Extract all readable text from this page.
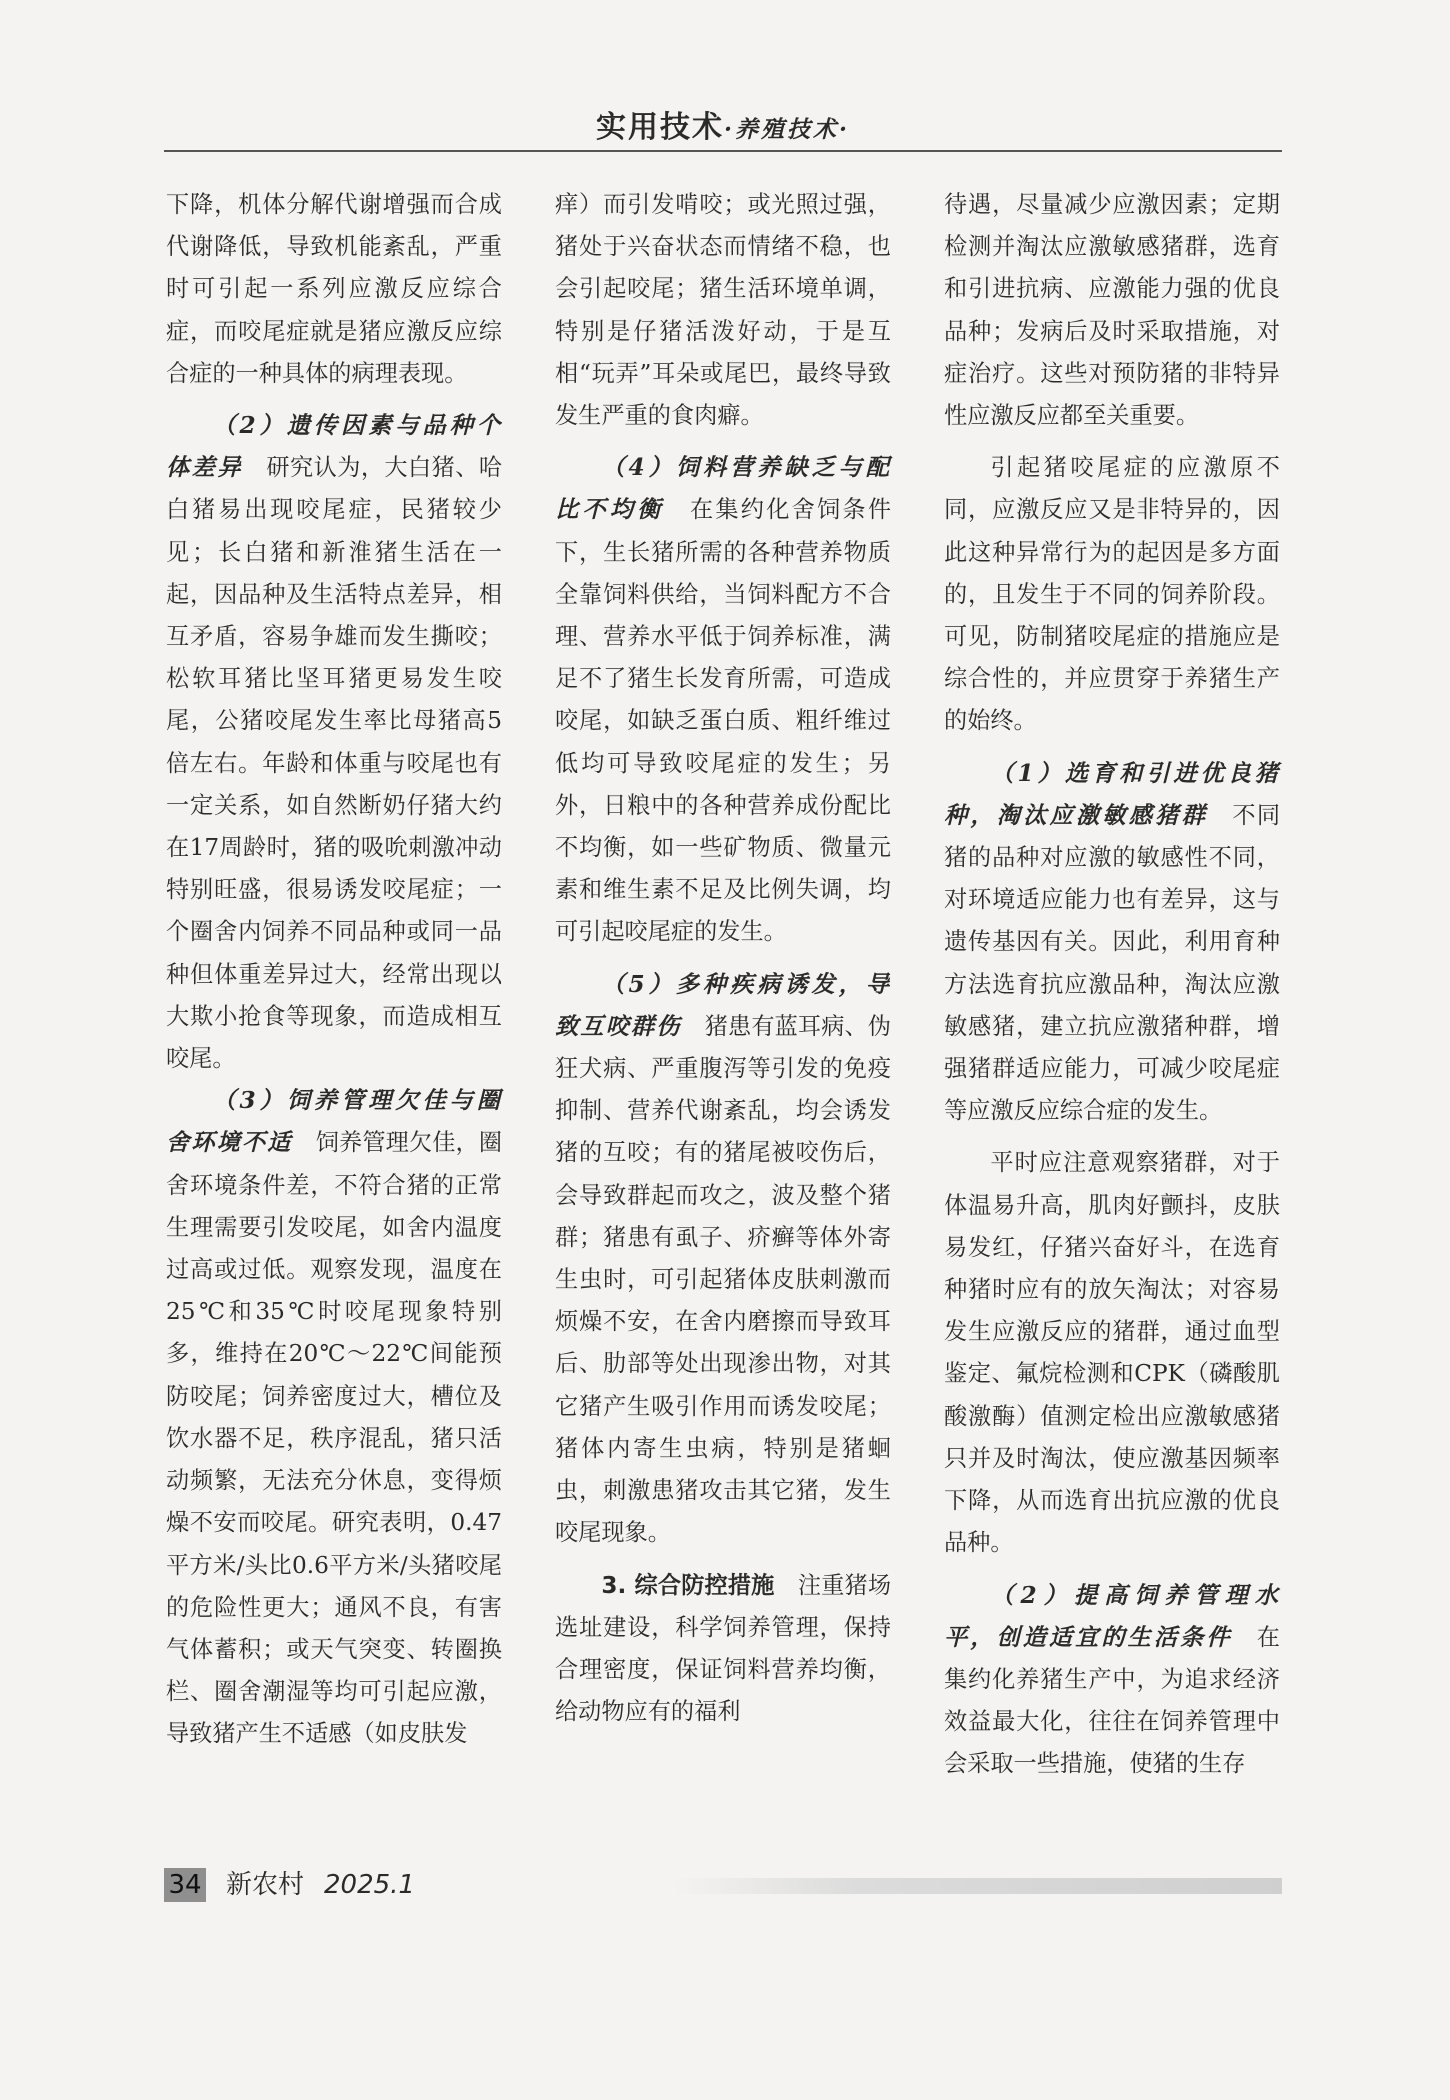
实用技术·养殖技术·

下降，机体分解代谢增强而合成代谢降低，导致机能紊乱，严重时可引起一系列应激反应综合症，而咬尾症就是猪应激反应综合症的一种具体的病理表现。

（2）遗传因素与品种个体差异　研究认为，大白猪、哈白猪易出现咬尾症，民猪较少见；长白猪和新淮猪生活在一起，因品种及生活特点差异，相互矛盾，容易争雄而发生撕咬；松软耳猪比坚耳猪更易发生咬尾，公猪咬尾发生率比母猪高5倍左右。年龄和体重与咬尾也有一定关系，如自然断奶仔猪大约在17周龄时，猪的吸吮刺激冲动特别旺盛，很易诱发咬尾症；一个圈舍内饲养不同品种或同一品种但体重差异过大，经常出现以大欺小抢食等现象，而造成相互咬尾。

（3）饲养管理欠佳与圈舍环境不适　饲养管理欠佳，圈舍环境条件差，不符合猪的正常生理需要引发咬尾，如舍内温度过高或过低。观察发现，温度在25℃和35℃时咬尾现象特别多，维持在20℃～22℃间能预防咬尾；饲养密度过大，槽位及饮水器不足，秩序混乱，猪只活动频繁，无法充分休息，变得烦燥不安而咬尾。研究表明，0.47平方米/头比0.6平方米/头猪咬尾的危险性更大；通风不良，有害气体蓄积；或天气突变、转圈换栏、圈舍潮湿等均可引起应激，导致猪产生不适感（如皮肤发

痒）而引发啃咬；或光照过强，猪处于兴奋状态而情绪不稳，也会引起咬尾；猪生活环境单调，特别是仔猪活泼好动，于是互相“玩弄”耳朵或尾巴，最终导致发生严重的食肉癖。

（4）饲料营养缺乏与配比不均衡　在集约化舍饲条件下，生长猪所需的各种营养物质全靠饲料供给，当饲料配方不合理、营养水平低于饲养标准，满足不了猪生长发育所需，可造成咬尾，如缺乏蛋白质、粗纤维过低均可导致咬尾症的发生；另外，日粮中的各种营养成份配比不均衡，如一些矿物质、微量元素和维生素不足及比例失调，均可引起咬尾症的发生。

（5）多种疾病诱发，导致互咬群伤　猪患有蓝耳病、伪狂犬病、严重腹泻等引发的免疫抑制、营养代谢紊乱，均会诱发猪的互咬；有的猪尾被咬伤后，会导致群起而攻之，波及整个猪群；猪患有虱子、疥癣等体外寄生虫时，可引起猪体皮肤刺激而烦燥不安，在舍内磨擦而导致耳后、肋部等处出现渗出物，对其它猪产生吸引作用而诱发咬尾；猪体内寄生虫病，特别是猪蛔虫，刺激患猪攻击其它猪，发生咬尾现象。

3. 综合防控措施　注重猪场选址建设，科学饲养管理，保持合理密度，保证饲料营养均衡，给动物应有的福利

待遇，尽量减少应激因素；定期检测并淘汰应激敏感猪群，选育和引进抗病、应激能力强的优良品种；发病后及时采取措施，对症治疗。这些对预防猪的非特异性应激反应都至关重要。

引起猪咬尾症的应激原不同，应激反应又是非特异的，因此这种异常行为的起因是多方面的，且发生于不同的饲养阶段。可见，防制猪咬尾症的措施应是综合性的，并应贯穿于养猪生产的始终。

（1）选育和引进优良猪种，淘汰应激敏感猪群　不同猪的品种对应激的敏感性不同，对环境适应能力也有差异，这与遗传基因有关。因此，利用育种方法选育抗应激品种，淘汰应激敏感猪，建立抗应激猪种群，增强猪群适应能力，可减少咬尾症等应激反应综合症的发生。

平时应注意观察猪群，对于体温易升高，肌肉好颤抖，皮肤易发红，仔猪兴奋好斗，在选育种猪时应有的放矢淘汰；对容易发生应激反应的猪群，通过血型鉴定、氟烷检测和CPK（磷酸肌酸激酶）值测定检出应激敏感猪只并及时淘汰，使应激基因频率下降，从而选育出抗应激的优良品种。

（2）提高饲养管理水平，创造适宜的生活条件　在集约化养猪生产中，为追求经济效益最大化，往往在饲养管理中会采取一些措施，使猪的生存

34 新农村 2025.1
